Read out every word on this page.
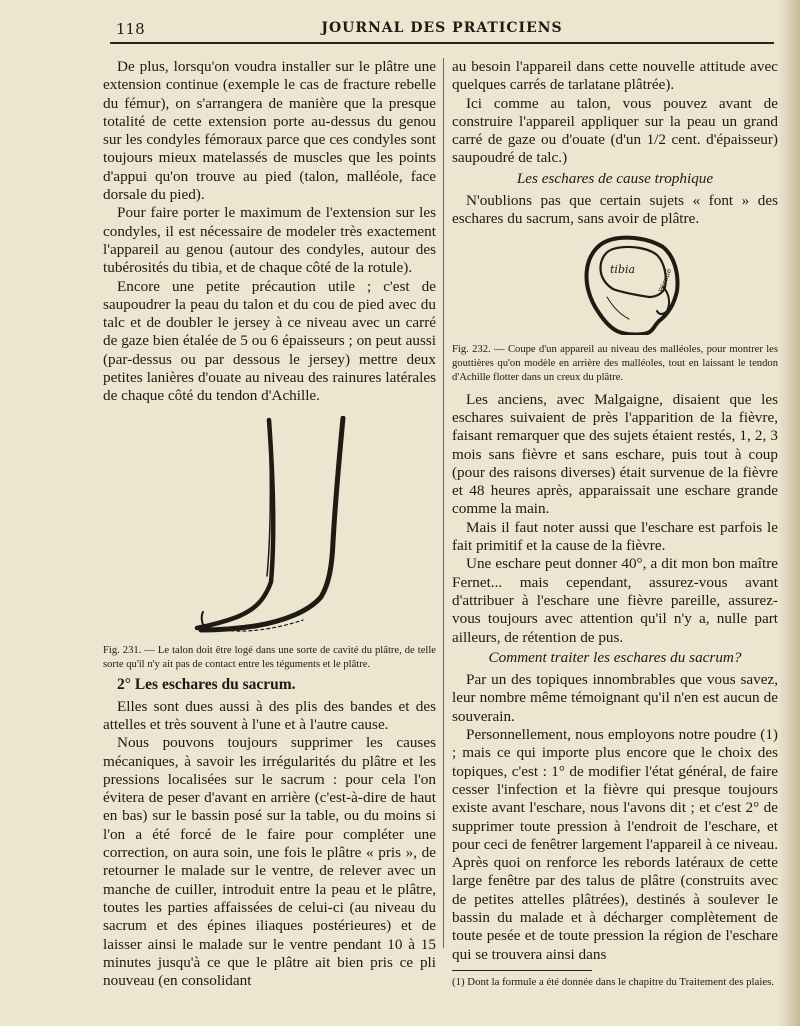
118	JOURNAL DES PRATICIENS

De plus, lorsqu'on voudra installer sur le plâtre une extension continue (exemple le cas de fracture rebelle du fémur), on s'arrangera de manière que la presque totalité de cette extension porte au-dessus du genou sur les condyles fémoraux parce que ces condyles sont toujours mieux matelassés de muscles que les points d'appui qu'on trouve au pied (talon, malléole, face dorsale du pied).

Pour faire porter le maximum de l'extension sur les condyles, il est nécessaire de modeler très exactement l'appareil au genou (autour des condyles, autour des tubérosités du tibia, et de chaque côté de la rotule).

Encore une petite précaution utile ; c'est de saupoudrer la peau du talon et du cou de pied avec du talc et de doubler le jersey à ce niveau avec un carré de gaze bien étalée de 5 ou 6 épaisseurs ; on peut aussi (par-dessus ou par dessous le jersey) mettre deux petites lanières d'ouate au niveau des rainures latérales de chaque côté du tendon d'Achille.

Fig. 231. — Le talon doit être logé dans une sorte de cavité du plâtre, de telle sorte qu'il n'y ait pas de contact entre les téguments et le plâtre.

2° Les eschares du sacrum.

Elles sont dues aussi à des plis des bandes et des attelles et très souvent à l'une et à l'autre cause.

Nous pouvons toujours supprimer les causes mécaniques, à savoir les irrégularités du plâtre et les pressions localisées sur le sacrum : pour cela l'on évitera de peser d'avant en arrière (c'est-à-dire de haut en bas) sur le bassin posé sur la table, ou du moins si l'on a été forcé de le faire pour compléter une correction, on aura soin, une fois le plâtre « pris », de retourner le malade sur le ventre, de relever avec un manche de cuiller, introduit entre la peau et le plâtre, toutes les parties affaissées de celui-ci (au niveau du sacrum et des épines iliaques postérieures) et de laisser ainsi le malade sur le ventre pendant 10 à 15 minutes jusqu'à ce que le plâtre ait bien pris ce pli nouveau (en consolidant

au besoin l'appareil dans cette nouvelle attitude avec quelques carrés de tarlatane plâtrée).

Ici comme au talon, vous pouvez avant de construire l'appareil appliquer sur la peau un grand carré de gaze ou d'ouate (d'un 1/2 cent. d'épaisseur) saupoudré de talc.)

Les eschares de cause trophique

N'oublions pas que certain sujets « font » des eschares du sacrum, sans avoir de plâtre.

tibia	Péroné

Fig. 232. — Coupe d'un appareil au niveau des malléoles, pour montrer les gouttières qu'on modèle en arrière des malléoles, tout en laissant le tendon d'Achille flotter dans un creux du plâtre.

Les anciens, avec Malgaigne, disaient que les eschares suivaient de près l'apparition de la fièvre, faisant remarquer que des sujets étaient restés, 1, 2, 3 mois sans fièvre et sans eschare, puis tout à coup (pour des raisons diverses) était survenue de la fièvre et 48 heures après, apparaissait une eschare grande comme la main.

Mais il faut noter aussi que l'eschare est parfois le fait primitif et la cause de la fièvre.

Une eschare peut donner 40°, a dit mon bon maître Fernet... mais cependant, assurez-vous avant d'attribuer à l'eschare une fièvre pareille, assurez-vous toujours avec attention qu'il n'y a, nulle part ailleurs, de rétention de pus.

Comment traiter les eschares du sacrum?

Par un des topiques innombrables que vous savez, leur nombre même témoignant qu'il n'en est aucun de souverain.

Personnellement, nous employons notre poudre (1) ; mais ce qui importe plus encore que le choix des topiques, c'est : 1° de modifier l'état général, de faire cesser l'infection et la fièvre qui presque toujours existe avant l'eschare, nous l'avons dit ; et c'est 2° de supprimer toute pression à l'endroit de l'eschare, et pour ceci de fenêtrer largement l'appareil à ce niveau. Après quoi on renforce les rebords latéraux de cette large fenêtre par des talus de plâtre (construits avec de petites attelles plâtrées), destinés à soulever le bassin du malade et à décharger complètement de toute pesée et de toute pression la région de l'eschare qui se trouvera ainsi dans

(1) Dont la formule a été donnée dans le chapitre du Traitement des plaies.
